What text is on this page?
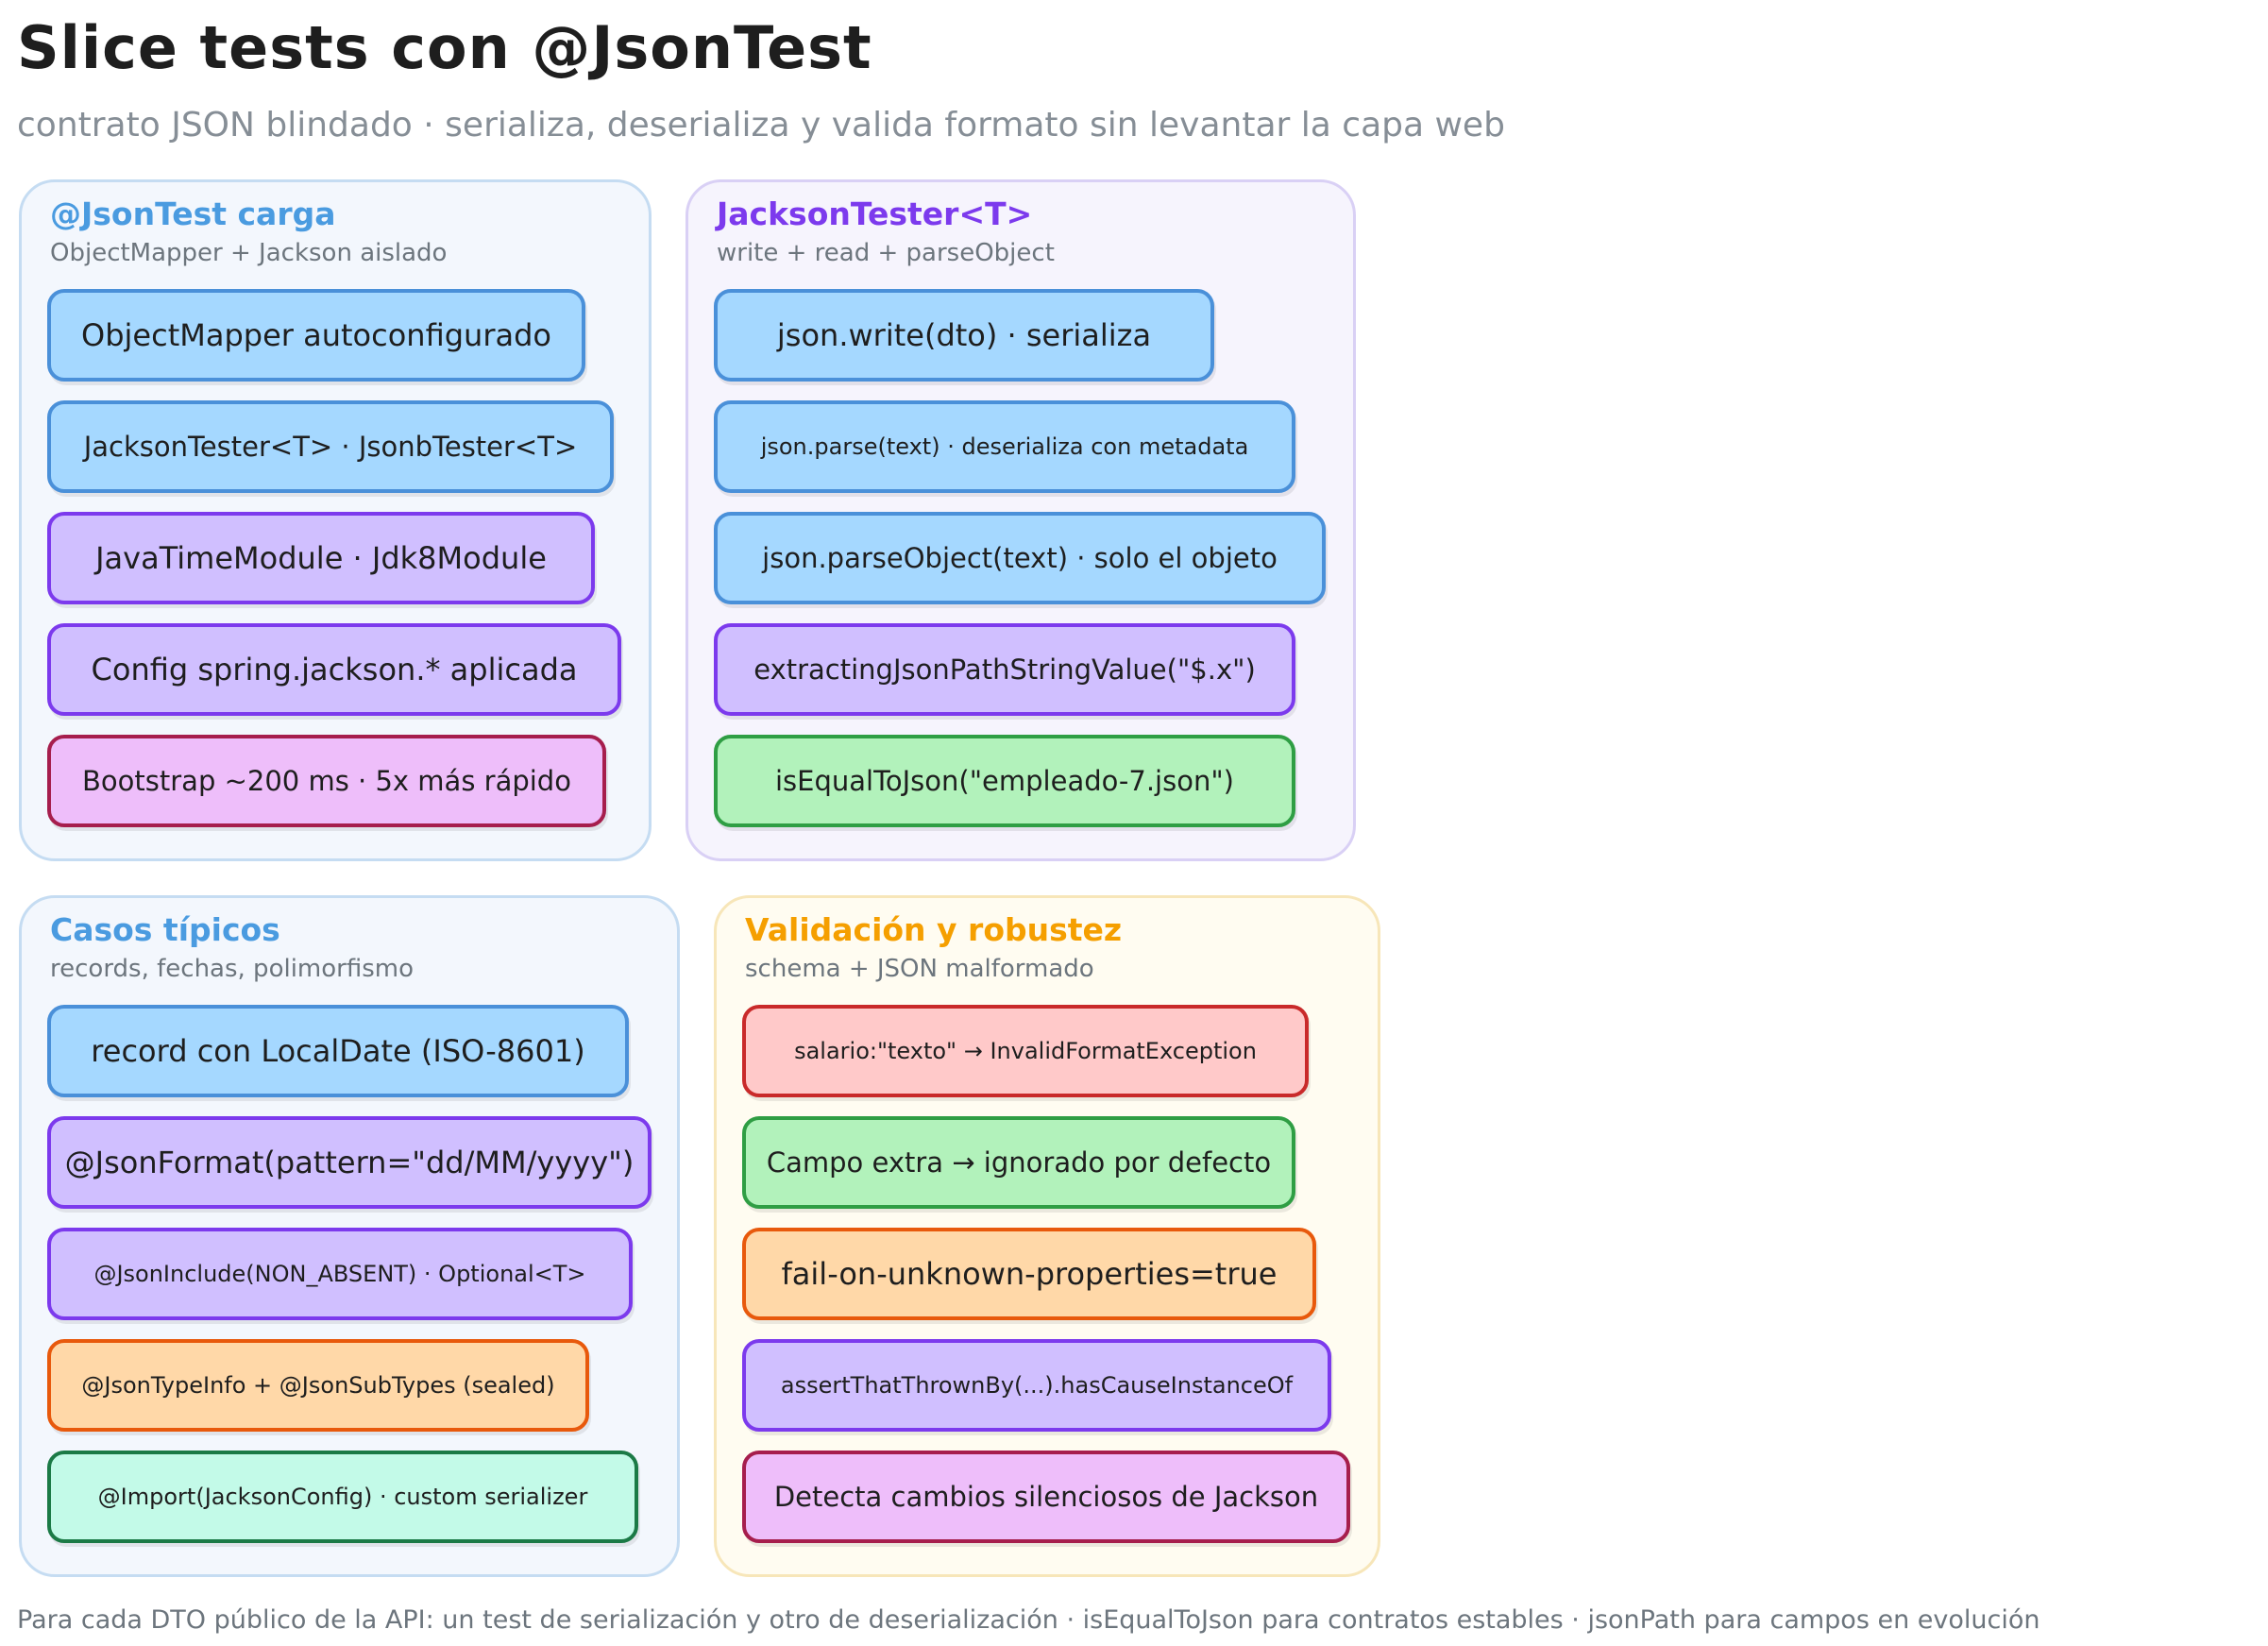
Slice tests con @JsonTest
contrato JSON blindado · serializa, deserializa y valida formato sin levantar la capa web
@JsonTest carga
ObjectMapper + Jackson aislado
ObjectMapper autoconfigurado
JacksonTester<T> · JsonbTester<T>
JavaTimeModule · Jdk8Module
Config spring.jackson.* aplicada
Bootstrap ~200 ms · 5x más rápido
JacksonTester<T>
write + read + parseObject
json.write(dto) · serializa
json.parse(text) · deserializa con metadata
json.parseObject(text) · solo el objeto
extractingJsonPathStringValue("$.x")
isEqualToJson("empleado-7.json")
Casos típicos
records, fechas, polimorfismo
record con LocalDate (ISO-8601)
@JsonFormat(pattern="dd/MM/yyyy")
@JsonInclude(NON_ABSENT) · Optional<T>
@JsonTypeInfo + @JsonSubTypes (sealed)
@Import(JacksonConfig) · custom serializer
Validación y robustez
schema + JSON malformado
salario:"texto" → InvalidFormatException
Campo extra → ignorado por defecto
fail-on-unknown-properties=true
assertThatThrownBy(...).hasCauseInstanceOf
Detecta cambios silenciosos de Jackson
Para cada DTO público de la API: un test de serialización y otro de deserialización · isEqualToJson para contratos estables · jsonPath para campos en evolución
